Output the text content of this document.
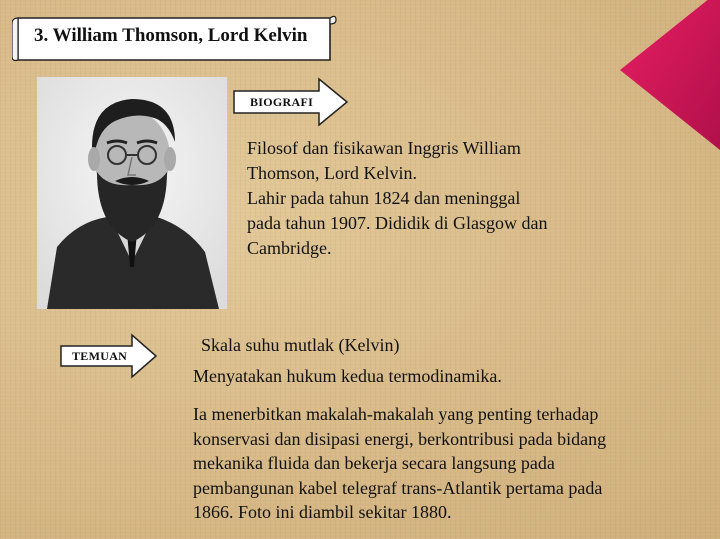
3. William Thomson, Lord Kelvin
BIOGRAFI
Filosof dan fisikawan Inggris William
Thomson, Lord Kelvin.
Lahir pada tahun 1824 dan meninggal
pada tahun 1907. Dididik di Glasgow dan
Cambridge.
TEMUAN
Skala suhu mutlak (Kelvin)
Menyatakan hukum kedua termodinamika.
Ia menerbitkan makalah-makalah yang penting terhadap
konservasi dan disipasi energi, berkontribusi pada bidang
mekanika fluida dan bekerja secara langsung pada
pembangunan kabel telegraf trans-Atlantik pertama pada
1866. Foto ini diambil sekitar 1880.
